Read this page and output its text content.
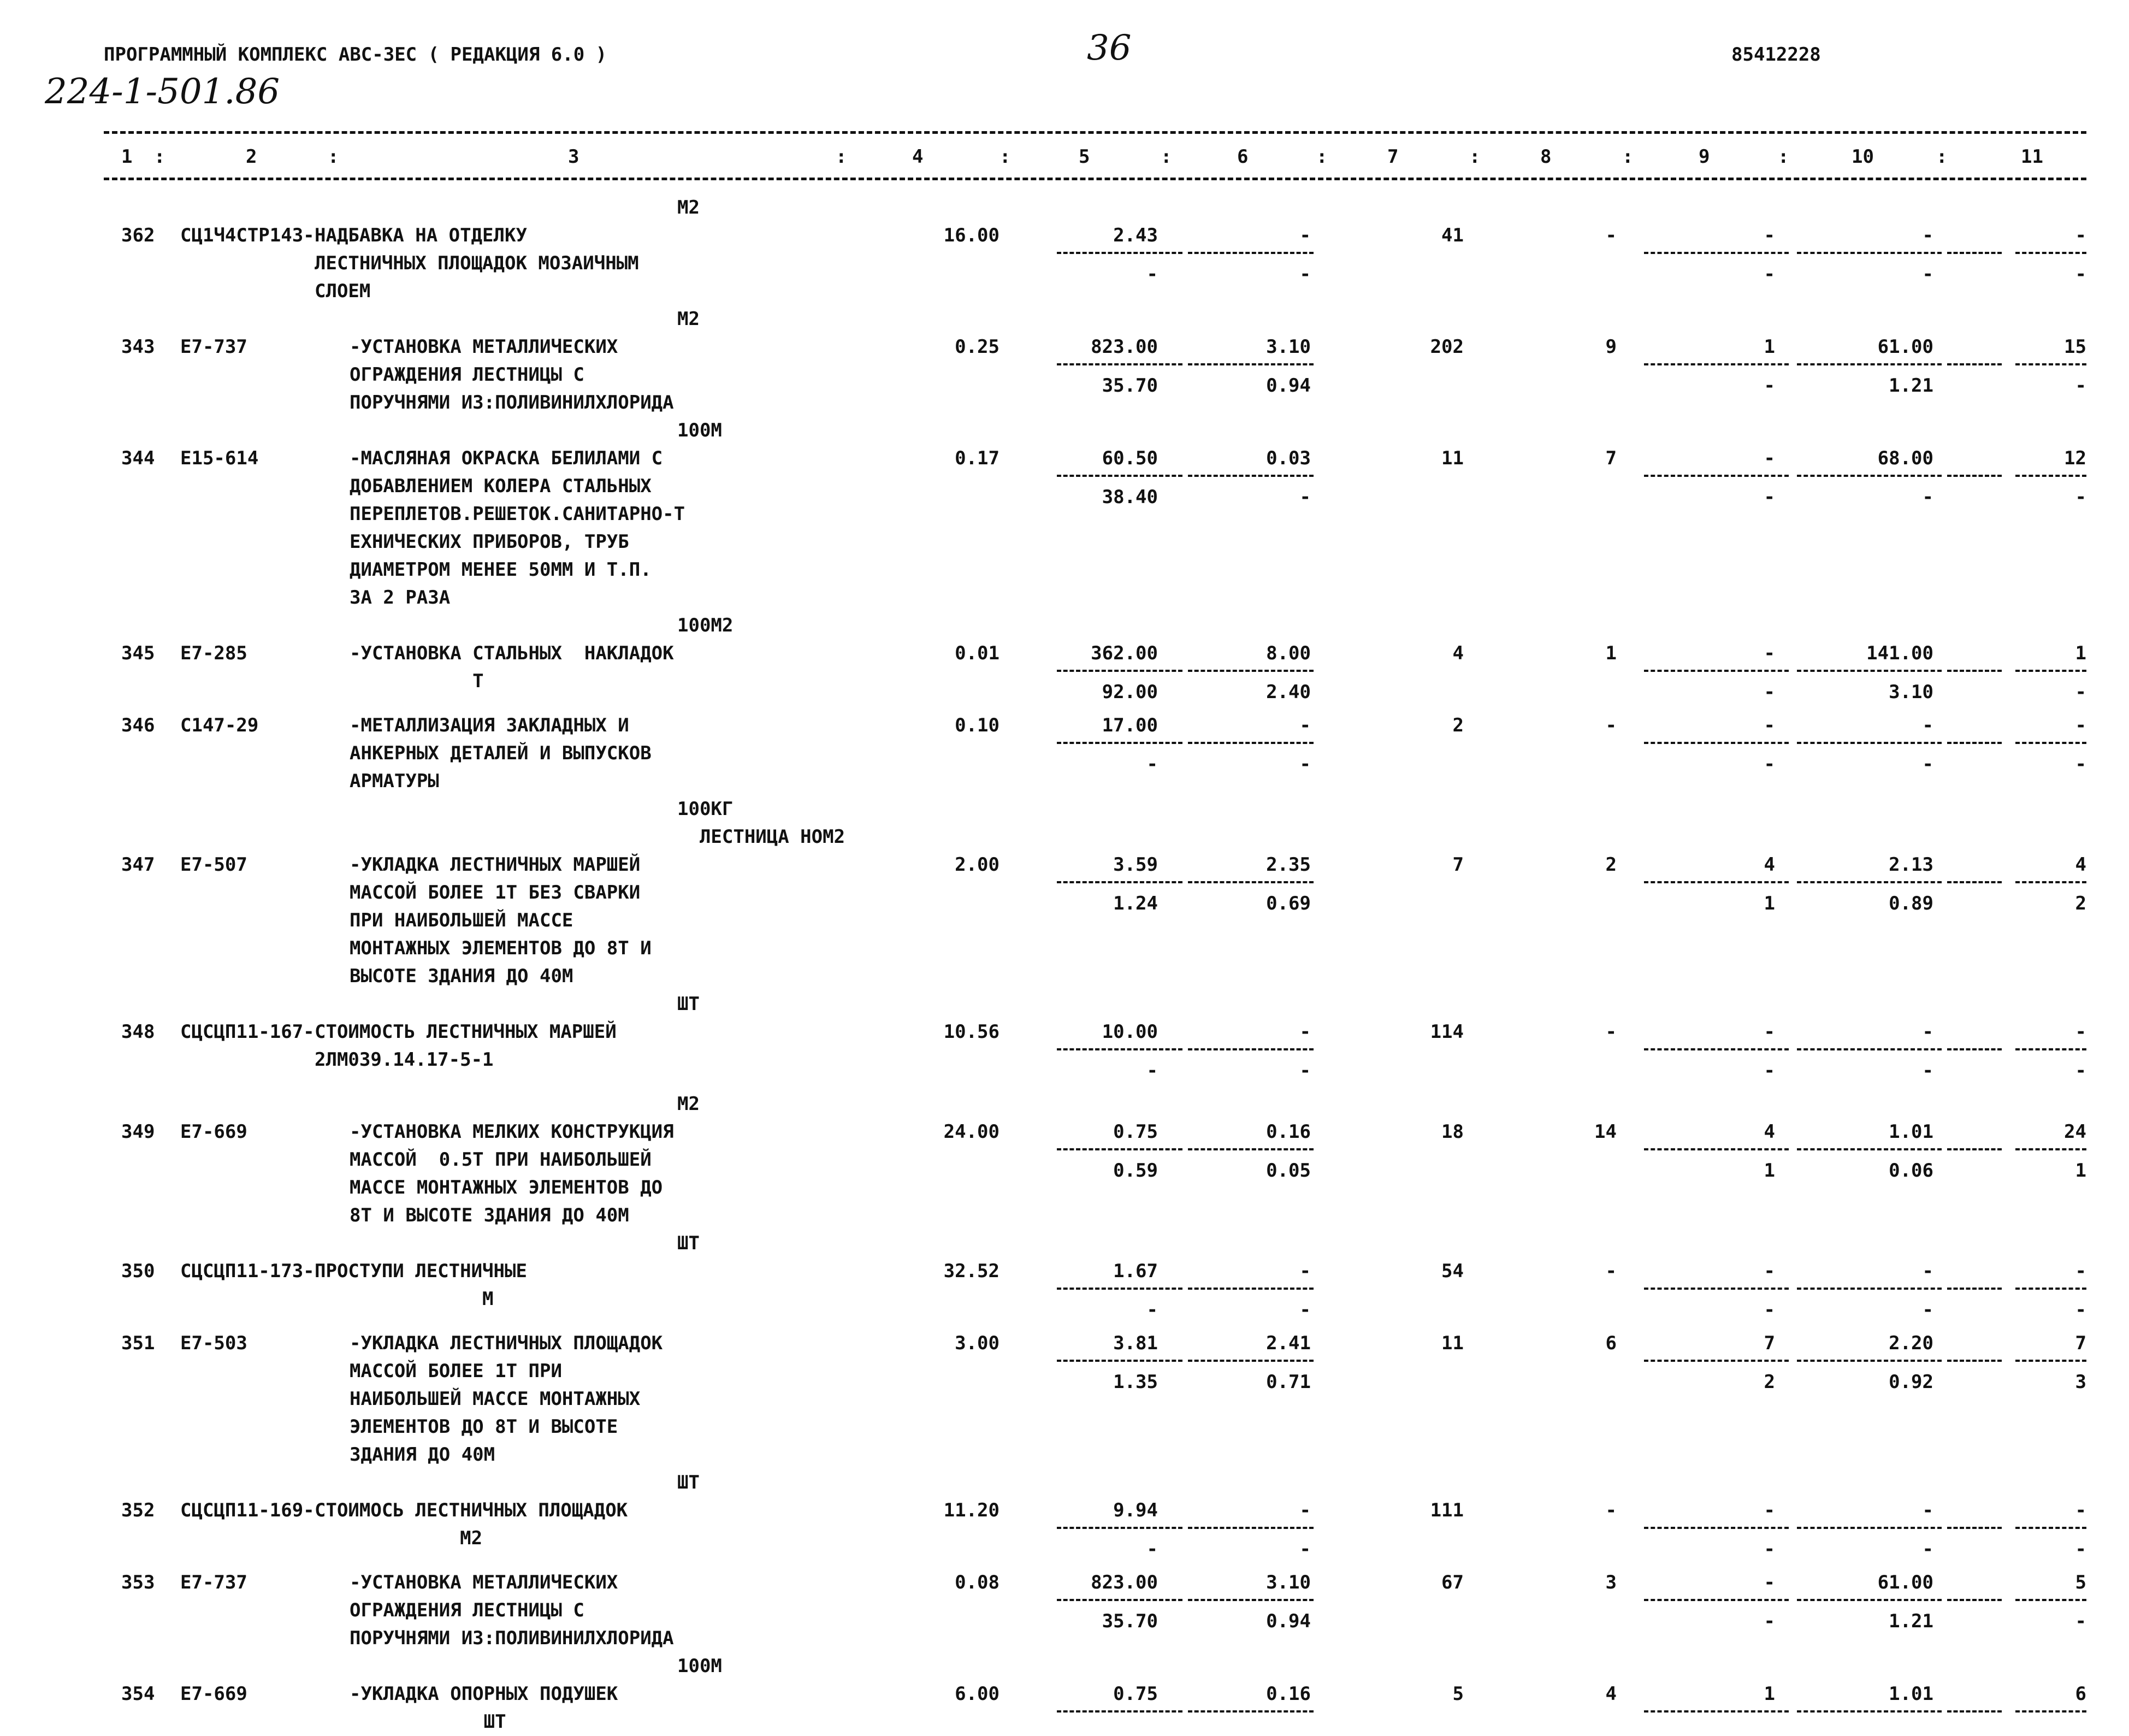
ПРОГРАММНЫЙ КОМПЛЕКС АВС-ЗЕС ( РЕДАКЦИЯ 6.0 )	36	85412228
224-1-501.86
1 :	2	:	3	:	4	:	5	:	6	:	7	:	8	:	9	:	10	:	11
М2
362 СЦ1Ч4СТР143- НАДБАВКА НА ОТДЕЛКУ
ЛЕСТНИЧНЫХ ПЛОЩАДОК МОЗАИЧНЫМ
СЛОЕМ
16.00	2.43	-	41	-	-	-	-
-	-	-	-	-
М2
343 Е7-737	-УСТАНОВКА МЕТАЛЛИЧЕСКИХ
ОГРАЖДЕНИЯ ЛЕСТНИЦЫ С
ПОРУЧНЯМИ ИЗ:ПОЛИВИНИЛХЛОРИДА
0.25	823.00	3.10	202	9	1	61.00	15
35.70	0.94	-	1.21	-
100М
344 Е15-614	-МАСЛЯНАЯ ОКРАСКА БЕЛИЛАМИ С
ДОБАВЛЕНИЕМ КОЛЕРА СТАЛЬНЫХ
ПЕРЕПЛЕТОВ.РЕШЕТОК.САНИТАРНО-Т
ЕХНИЧЕСКИХ ПРИБОРОВ, ТРУБ
ДИАМЕТРОМ МЕНЕЕ 50ММ И Т.П.
ЗА 2 РАЗА
0.17	60.50	0.03	11	7	-	68.00	12
38.40	-	-	-	-
100М2
345 Е7-285	-УСТАНОВКА СТАЛЬНЫХ  НАКЛАДОК
Т
0.01	362.00	8.00	4	1	-	141.00	1
92.00	2.40	-	3.10	-
346 С147-29	-МЕТАЛЛИЗАЦИЯ ЗАКЛАДНЫХ И
АНКЕРНЫХ ДЕТАЛЕЙ И ВЫПУСКОВ
АРМАТУРЫ
0.10	17.00	-	2	-	-	-	-
-	-	-	-	-
100КГ
ЛЕСТНИЦА НОМ2
347 Е7-507	-УКЛАДКА ЛЕСТНИЧНЫХ МАРШЕЙ
МАССОЙ БОЛЕЕ 1Т БЕЗ СВАРКИ
ПРИ НАИБОЛЬШЕЙ МАССЕ
МОНТАЖНЫХ ЭЛЕМЕНТОВ ДО 8Т И
ВЫСОТЕ ЗДАНИЯ ДО 40М
2.00	3.59	2.35	7	2	4	2.13	4
1.24	0.69	1	0.89	2
ШТ
348 СЦСЦП11-167- СТОИМОСТЬ ЛЕСТНИЧНЫХ МАРШЕЙ
2ЛМ039.14.17-5-1
10.56	10.00	-	114	-	-	-	-
-	-	-	-	-
М2
349 Е7-669	-УСТАНОВКА МЕЛКИХ КОНСТРУКЦИЯ
МАССОЙ  0.5Т ПРИ НАИБОЛЬШЕЙ
МАССЕ МОНТАЖНЫХ ЭЛЕМЕНТОВ ДО
8Т И ВЫСОТЕ ЗДАНИЯ ДО 40М
24.00	0.75	0.16	18	14	4	1.01	24
0.59	0.05	1	0.06	1
ШТ
350 СЦСЦП11-173- ПРОСТУПИ ЛЕСТНИЧНЫЕ
М
32.52	1.67	-	54	-	-	-	-
-	-	-	-	-
351 Е7-503	-УКЛАДКА ЛЕСТНИЧНЫХ ПЛОЩАДОК
МАССОЙ БОЛЕЕ 1Т ПРИ
НАИБОЛЬШЕЙ МАССЕ МОНТАЖНЫХ
ЭЛЕМЕНТОВ ДО 8Т И ВЫСОТЕ
ЗДАНИЯ ДО 40М
3.00	3.81	2.41	11	6	7	2.20	7
1.35	0.71	2	0.92	3
ШТ
352 СЦСЦП11-169- СТОИМОСЬ ЛЕСТНИЧНЫХ ПЛОЩАДОК
М2
11.20	9.94	-	111	-	-	-	-
-	-	-	-	-
353 Е7-737	-УСТАНОВКА МЕТАЛЛИЧЕСКИХ
ОГРАЖДЕНИЯ ЛЕСТНИЦЫ С
ПОРУЧНЯМИ ИЗ:ПОЛИВИНИЛХЛОРИДА
0.08	823.00	3.10	67	3	-	61.00	5
35.70	0.94	-	1.21	-
100М
354 Е7-669	-УКЛАДКА ОПОРНЫХ ПОДУШЕК
ШТ
6.00	0.75	0.16	5	4	1	1.01	6
